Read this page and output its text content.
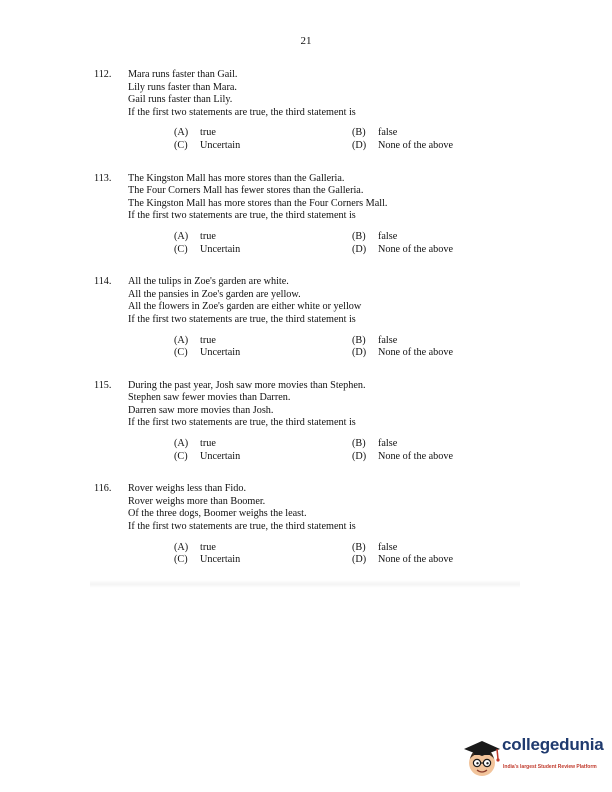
21
112.	Mara runs faster than Gail.
Lily runs faster than Mara.
Gail runs faster than Lily.
If the first two statements are true, the third statement is
(A) true	(B) false
(C) Uncertain	(D) None of the above
113.	The Kingston Mall has more stores than the Galleria.
The Four Corners Mall has fewer stores than the Galleria.
The Kingston Mall has more stores than the Four Corners Mall.
If the first two statements are true, the third statement is
(A) true	(B) false
(C) Uncertain	(D) None of the above
114.	All the tulips in Zoe's garden are white.
All the pansies in Zoe's garden are yellow.
All the flowers in Zoe's garden are either white or yellow
If the first two statements are true, the third statement is
(A) true	(B) false
(C) Uncertain	(D) None of the above
115.	During the past year, Josh saw more movies than Stephen.
Stephen saw fewer movies than Darren.
Darren saw more movies than Josh.
If the first two statements are true, the third statement is
(A) true	(B) false
(C) Uncertain	(D) None of the above
116.	Rover weighs less than Fido.
Rover weighs more than Boomer.
Of the three dogs, Boomer weighs the least.
If the first two statements are true, the third statement is
(A) true	(B) false
(C) Uncertain	(D) None of the above
collegedunia
India's largest Student Review Platform
